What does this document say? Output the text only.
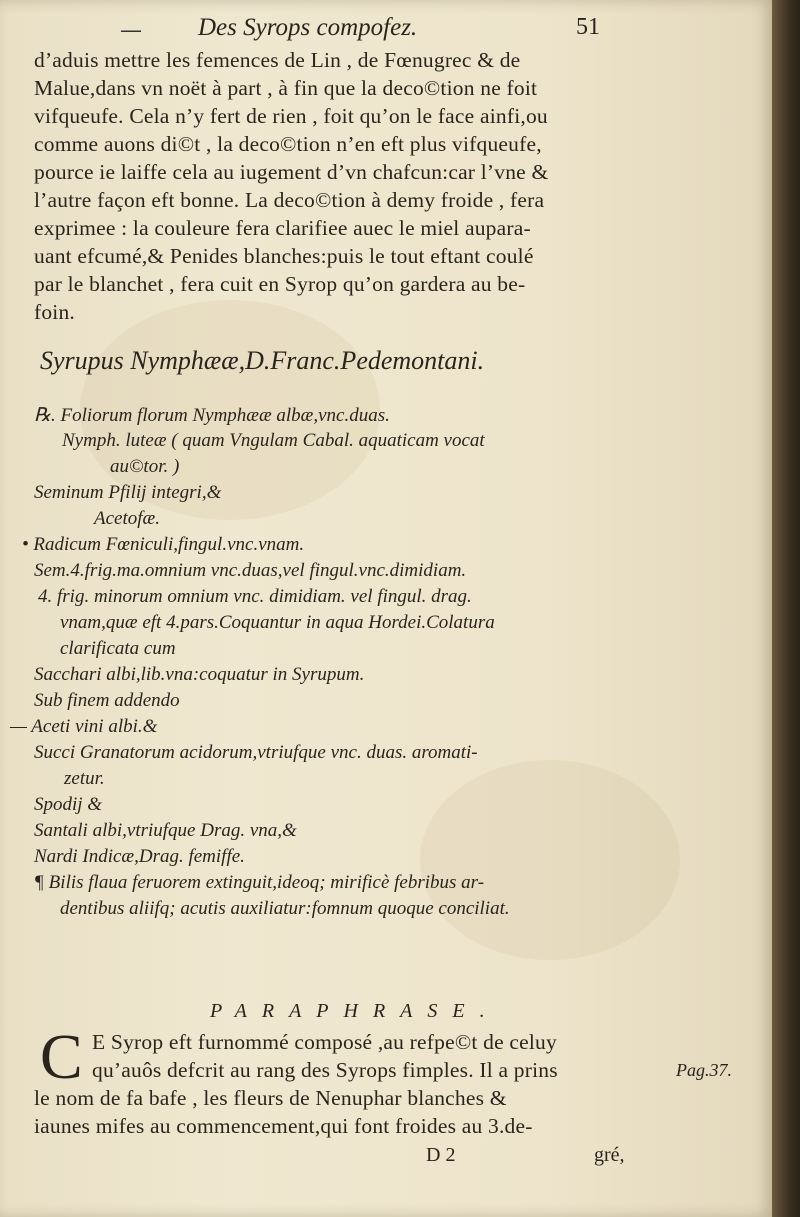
— Des Syrops compofez.	51
d’aduis mettre les femences de Lin , de Fœnugrec & de
Malue,dans vn noët à part , à fin que la deco©tion ne foit
vifqueufe. Cela n’y fert de rien , foit qu’on le face ainfi,ou
comme auons di©t , la deco©tion n’en eft plus vifqueufe,
pource ie laiffe cela au iugement d’vn chafcun:car l’vne &
l’autre façon eft bonne. La deco©tion à demy froide , fera
exprimee : la couleure fera clarifiee auec le miel aupara-
uant efcumé,& Penides blanches:puis le tout eftant coulé
par le blanchet , fera cuit en Syrop qu’on gardera au be-
foin.
Syrupus Nymphææ,D.Franc.Pedemontani.
℞. Foliorum florum Nymphææ albæ,vnc.duas.
Nymph. luteæ ( quam Vngulam Cabal. aquaticam vocat
au©tor. )
Seminum Pfilij integri,&
Acetofæ.
• Radicum Fœniculi,fingul.vnc.vnam.
Sem.4.frig.ma.omnium vnc.duas,vel fingul.vnc.dimidiam.
4. frig. minorum omnium vnc. dimidiam. vel fingul. drag.
vnam,quæ eft 4.pars.Coquantur in aqua Hordei.Colatura
clarificata cum
Sacchari albi,lib.vna:coquatur in Syrupum.
Sub finem addendo
— Aceti vini albi.&
Succi Granatorum acidorum,vtriufque vnc. duas. aromati-
zetur.
Spodij &
Santali albi,vtriufque Drag. vna,&
Nardi Indicæ,Drag. femiffe.
¶ Bilis flaua feruorem extinguit,ideoq; mirificè febribus ar-
dentibus aliifq; acutis auxiliatur:fomnum quoque conciliat.
PARAPHRASE.
C E Syrop eft furnommé composé ,au refpe©t de celuy
qu’auôs defcrit au rang des Syrops fimples. Il a prins
le nom de fa bafe , les fleurs de Nenuphar blanches &
iaunes mifes au commencement,qui font froides au 3.de-
Pag.37.
D 2	gré,
